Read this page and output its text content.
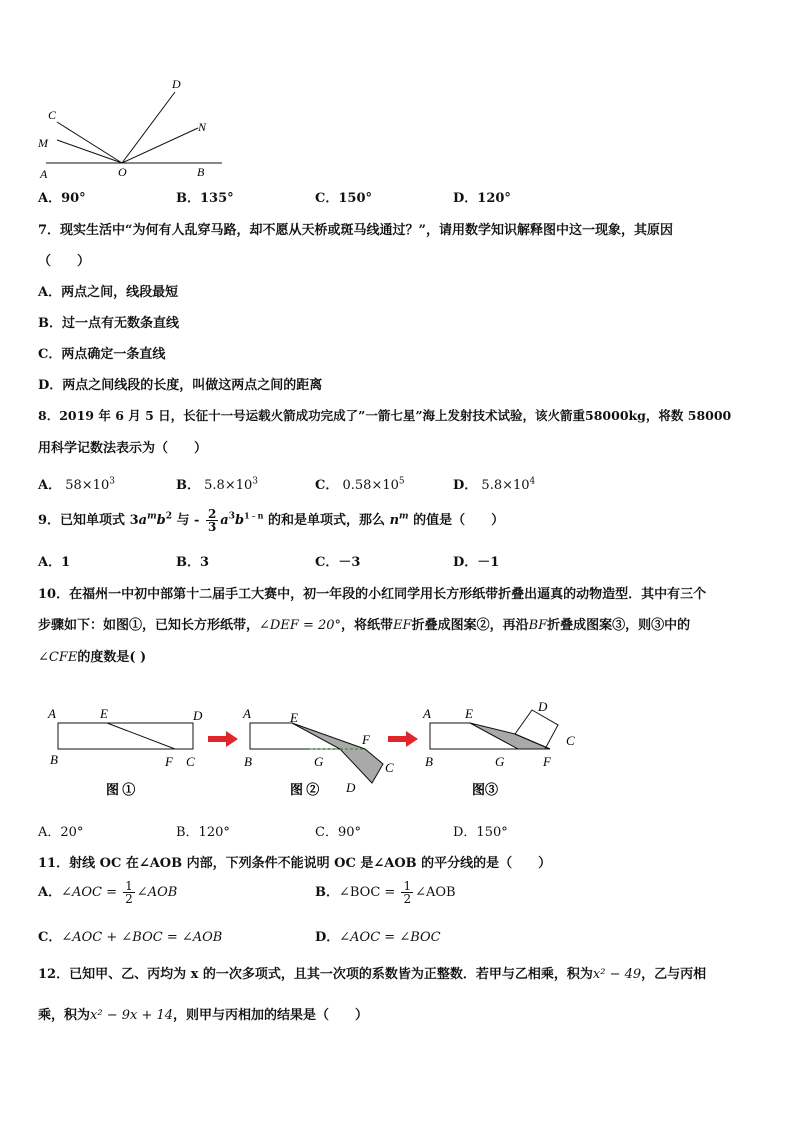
A	O	B
C
M
D
N
A．90°	B．135°	C．150°	D．120°
7．现实生活中“为何有人乱穿马路，却不愿从天桥或斑马线通过？”，请用数学知识解释图中这一现象，其原因
（　　）
A．两点之间，线段最短
B．过一点有无数条直线
C．两点确定一条直线
D．两点之间线段的长度，叫做这两点之间的距离
8．2019 年 6 月 5 日，长征十一号运载火箭成功完成了”一箭七星”海上发射技术试验，该火箭重58000kg，将数 58000
用科学记数法表示为（　　）
A． $58\times 10^3$	B． $5.8\times 10^3$	C． $0.58\times 10^5$	D． $5.8\times 10^4$
9．已知单项式 $3a^mb^2$ 与 - $\frac{2}{3} a^3b^{1﹣n}$ 的和是单项式，那么 $n^m$ 的值是（　　）
A．1	B．3	C．－3	D．－1
10．在福州一中初中部第十二届手工大赛中，初一年段的小红同学用长方形纸带折叠出逼真的动物造型．其中有三个
步骤如下：如图①，已知长方形纸带，∠DEF = 20°，将纸带EF折叠成图案②，再沿BF折叠成图案③，则③中的
∠CFE的度数是( )
A	E	D
B	F C
A	E
F
B	G	C
D
A	E	D
C
B	G	F
图 ①	图 ②	图③
A．20°	B．120°	C．90°	D．150°
11．射线 OC 在∠AOB 内部，下列条件不能说明 OC 是∠AOB 的平分线的是（　　）
A．∠AOC = $\frac{1}{2}$ ∠AOB	B．∠BOC = $\frac{1}{2}$ ∠AOB
C．∠AOC + ∠BOC = ∠AOB	D．∠AOC = ∠BOC
12．已知甲、乙、丙均为 x 的一次多项式，且其一次项的系数皆为正整数．若甲与乙相乘，积为x² − 49，乙与丙相
乘，积为x² − 9x + 14，则甲与丙相加的结果是（　　）
